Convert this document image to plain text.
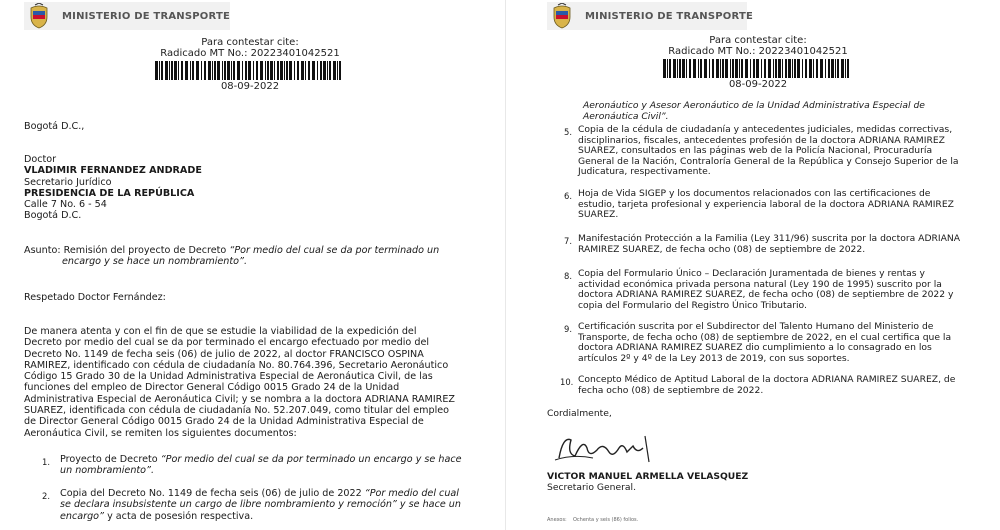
MINISTERIO DE TRANSPORTE
Para contestar cite:
Radicado MT No.: 20223401042521
08-09-2022
Bogotá D.C.,
Doctor
VLADIMIR FERNANDEZ ANDRADE
Secretario Jurídico
PRESIDENCIA DE LA REPÚBLICA
Calle 7 No. 6 - 54
Bogotá D.C.
Asunto: Remisión del proyecto de Decreto “Por medio del cual se da por terminado un
encargo y se hace un nombramiento”.
Respetado Doctor Fernández:
De manera atenta y con el fin de que se estudie la viabilidad de la expedición del
Decreto por medio del cual se da por terminado el encargo efectuado por medio del
Decreto No. 1149 de fecha seis (06) de julio de 2022, al doctor FRANCISCO OSPINA
RAMIREZ, identificado con cédula de ciudadanía No. 80.764.396, Secretario Aeronáutico
Código 15 Grado 30 de la Unidad Administrativa Especial de Aeronáutica Civil, de las
funciones del empleo de Director General Código 0015 Grado 24 de la Unidad
Administrativa Especial de Aeronáutica Civil; y se nombra a la doctora ADRIANA RAMIREZ
SUAREZ, identificada con cédula de ciudadanía No. 52.207.049, como titular del empleo
de Director General Código 0015 Grado 24 de la Unidad Administrativa Especial de
Aeronáutica Civil, se remiten los siguientes documentos:
1. Proyecto de Decreto “Por medio del cual se da por terminado un encargo y se hace
un nombramiento”.
2. Copia del Decreto No. 1149 de fecha seis (06) de julio de 2022 “Por medio del cual
se declara insubsistente un cargo de libre nombramiento y remoción” y se hace un
encargo” y acta de posesión respectiva.
MINISTERIO DE TRANSPORTE
Para contestar cite:
Radicado MT No.: 20223401042521
08-09-2022
Aeronáutico y Asesor Aeronáutico de la Unidad Administrativa Especial de
Aeronáutica Civil”.
5. Copia de la cédula de ciudadanía y antecedentes judiciales, medidas correctivas,
disciplinarios, fiscales, antecedentes profesión de la doctora ADRIANA RAMIREZ
SUAREZ, consultados en las páginas web de la Policía Nacional, Procuraduría
General de la Nación, Contraloría General de la República y Consejo Superior de la
Judicatura, respectivamente.
6. Hoja de Vida SIGEP y los documentos relacionados con las certificaciones de
estudio, tarjeta profesional y experiencia laboral de la doctora ADRIANA RAMIREZ
SUAREZ.
7. Manifestación Protección a la Familia (Ley 311/96) suscrita por la doctora ADRIANA
RAMIREZ SUAREZ, de fecha ocho (08) de septiembre de 2022.
8. Copia del Formulario Único – Declaración Juramentada de bienes y rentas y
actividad económica privada persona natural (Ley 190 de 1995) suscrito por la
doctora ADRIANA RAMIREZ SUAREZ, de fecha ocho (08) de septiembre de 2022 y
copia del Formulario del Registro Único Tributario.
9. Certificación suscrita por el Subdirector del Talento Humano del Ministerio de
Transporte, de fecha ocho (08) de septiembre de 2022, en el cual certifica que la
doctora ADRIANA RAMIREZ SUAREZ dio cumplimiento a lo consagrado en los
artículos 2º y 4º de la Ley 2013 de 2019, con sus soportes.
10. Concepto Médico de Aptitud Laboral de la doctora ADRIANA RAMIREZ SUAREZ, de
fecha ocho (08) de septiembre de 2022.
Cordialmente,
VICTOR MANUEL ARMELLA VELASQUEZ
Secretario General.
Anexos: Ochenta y seis (86) folios.
